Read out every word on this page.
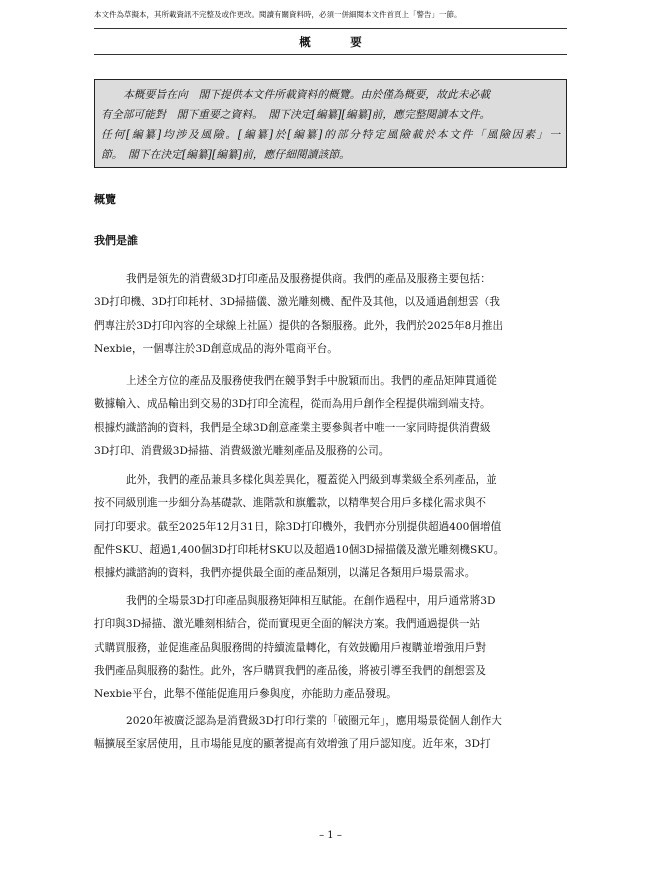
本文件為草擬本，其所載資訊不完整及或作更改。閱讀有關資料時，必須一併細閱本文件首頁上「警告」一節。
概　要

本概要旨在向　閣下提供本文件所載資料的概覽。由於僅為概要，故此未必載

有全部可能對　閣下重要之資料。　閣下決定[編纂][編纂]前，應完整閱讀本文件。

任何[編纂]均涉及風險。[編纂]於[編纂]的部分特定風險載於本文件「風險因素」一

節。　閣下在決定[編纂][編纂]前，應仔細閱讀該節。

概覽
我們是誰
我們是領先的消費級3D打印產品及服務提供商。我們的產品及服務主要包括：
3D打印機、3D打印耗材、3D掃描儀、激光雕刻機、配件及其他，以及通過創想雲（我
們專注於3D打印內容的全球線上社區）提供的各類服務。此外，我們於2025年8月推出
Nexbie，一個專注於3D創意成品的海外電商平台。
上述全方位的產品及服務使我們在競爭對手中脫穎而出。我們的產品矩陣貫通從
數據輸入、成品輸出到交易的3D打印全流程，從而為用戶創作全程提供端到端支持。
根據灼識諮詢的資料，我們是全球3D創意產業主要參與者中唯一一家同時提供消費級
3D打印、消費級3D掃描、消費級激光雕刻產品及服務的公司。
此外，我們的產品兼具多樣化與差異化，覆蓋從入門級到專業級全系列產品，並
按不同級別進一步細分為基礎款、進階款和旗艦款，以精準契合用戶多樣化需求與不
同打印要求。截至2025年12月31日，除3D打印機外，我們亦分別提供超過400個增值
配件SKU、超過1,400個3D打印耗材SKU以及超過10個3D掃描儀及激光雕刻機SKU。
根據灼識諮詢的資料，我們亦提供最全面的產品類別，以滿足各類用戶場景需求。
我們的全場景3D打印產品與服務矩陣相互賦能。在創作過程中，用戶通常將3D
打印與3D掃描、激光雕刻相結合，從而實現更全面的解決方案。我們通過提供一站
式購買服務，並促進產品與服務間的持續流量轉化，有效鼓勵用戶複購並增強用戶對
我們產品與服務的黏性。此外，客戶購買我們的產品後，將被引導至我們的創想雲及
Nexbie平台，此舉不僅能促進用戶參與度，亦能助力產品發現。
2020年被廣泛認為是消費級3D打印行業的「破圈元年」，應用場景從個人創作大
幅擴展至家居使用，且市場能見度的顯著提高有效增強了用戶認知度。近年來，3D打
– 1 –
